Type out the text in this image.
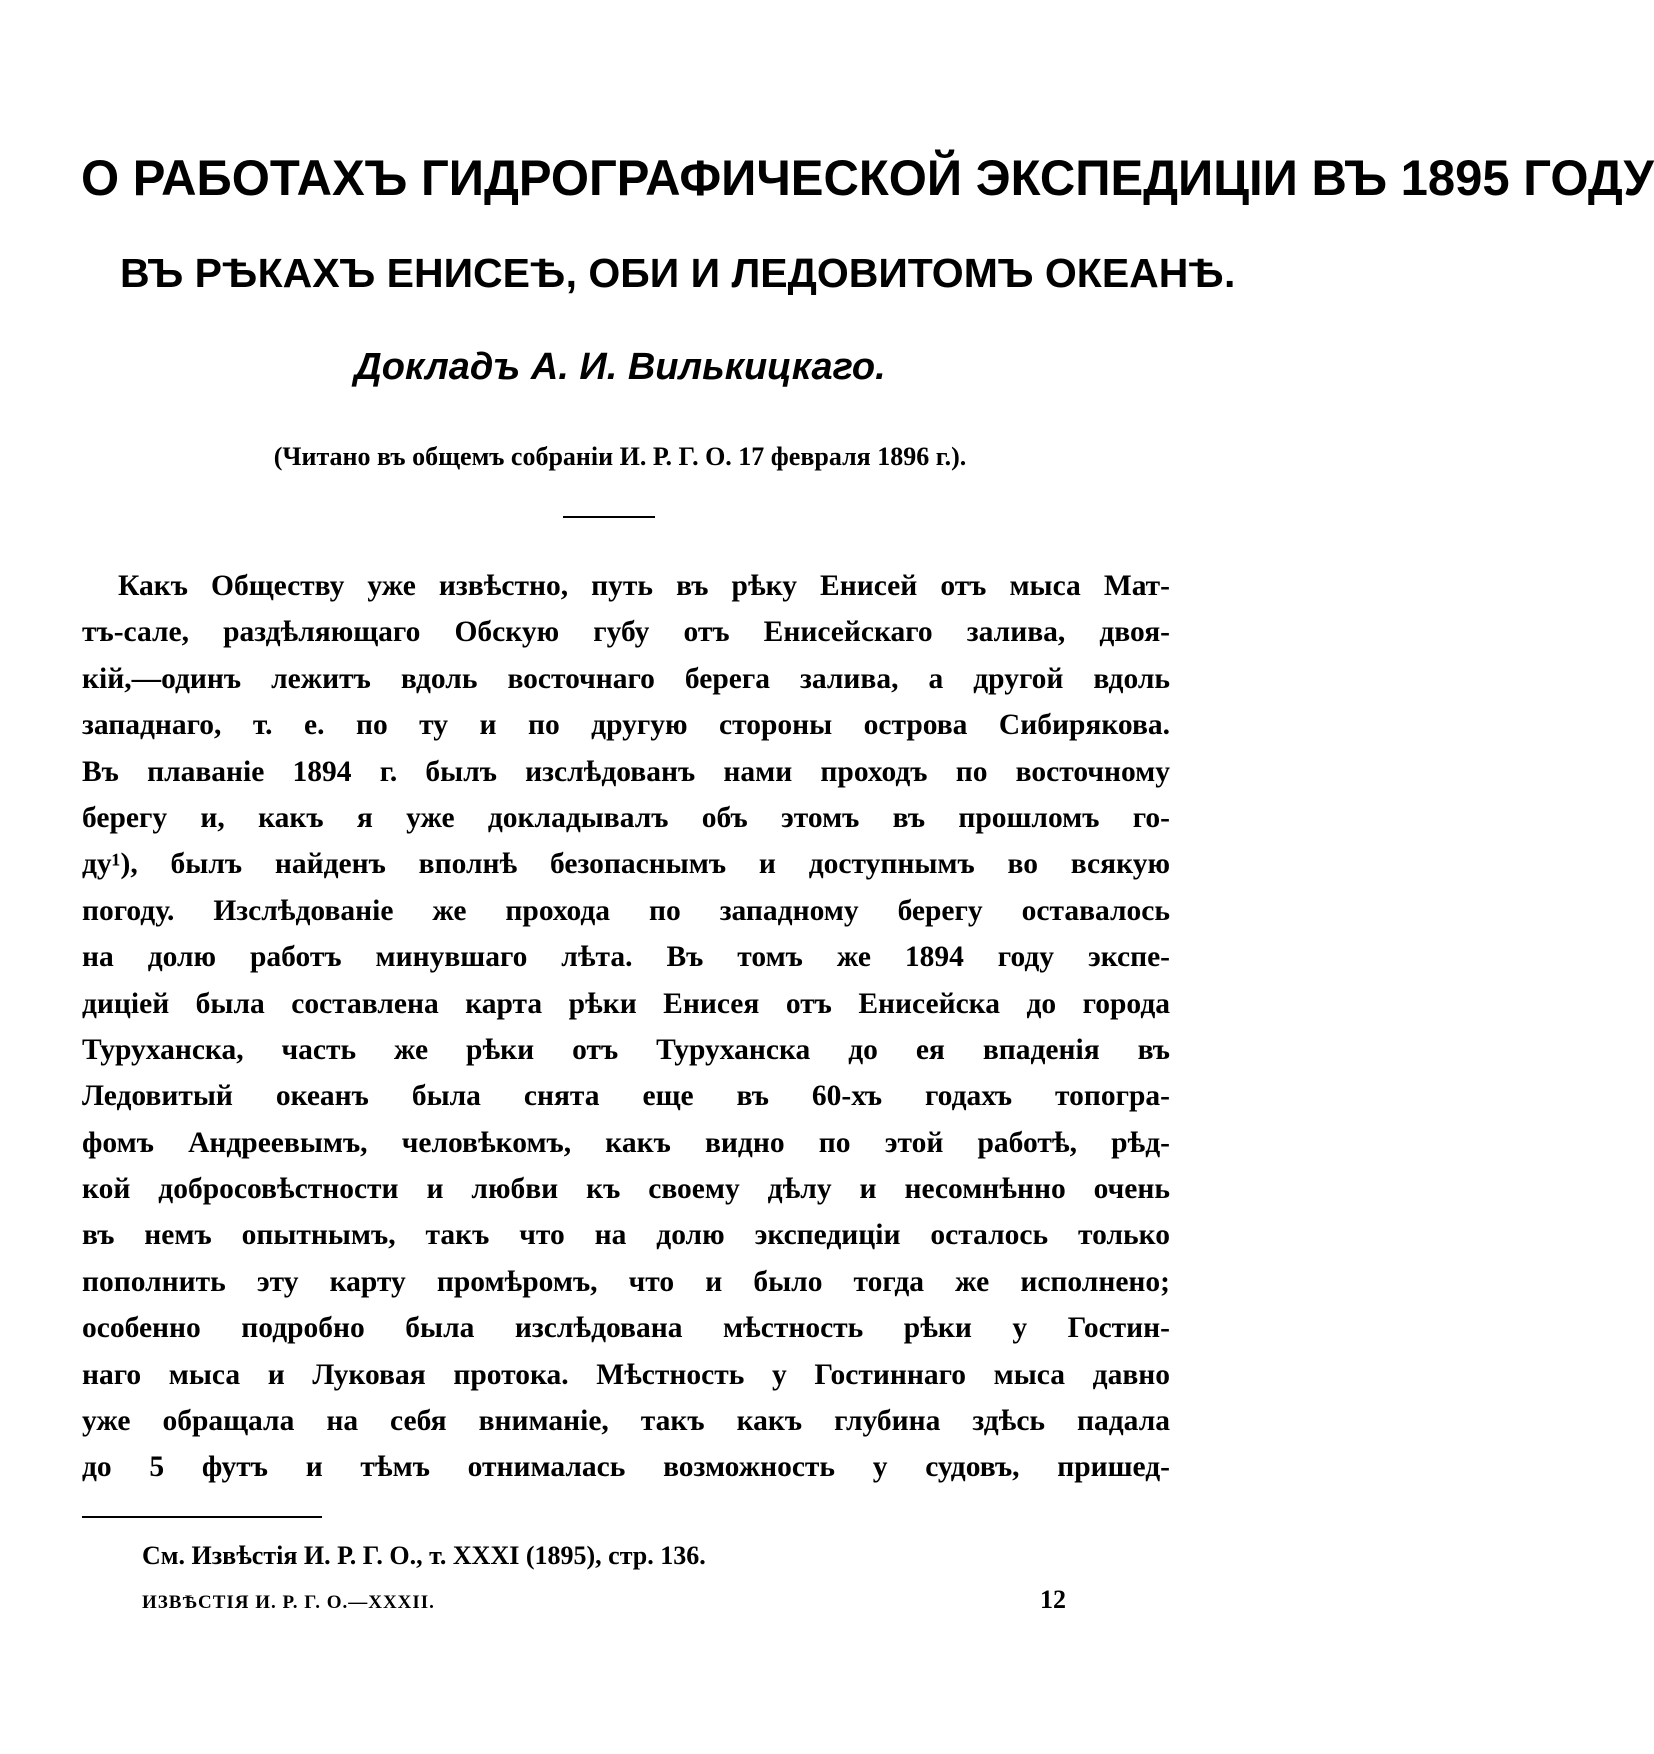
О РАБОТАХЪ ГИДРОГРАФИЧЕСКОЙ ЭКСПЕДИЦІИ ВЪ 1895 ГОДУ
ВЪ РѢКАХЪ ЕНИСЕѢ, ОБИ И ЛЕДОВИТОМЪ ОКЕАНѢ.
Докладъ А. И. Вилькицкаго.
(Читано въ общемъ собраніи И. Р. Г. О. 17 февраля 1896 г.).
Какъ Обществу уже извѣстно, путь въ рѣку Енисей отъ мыса Мат-
тъ-сале, раздѣляющаго Обскую губу отъ Енисейскаго залива, двоя-
кій,—одинъ лежитъ вдоль восточнаго берега залива, а другой вдоль
западнаго, т. е. по ту и по другую стороны острова Сибирякова.
Въ плаваніе 1894 г. былъ изслѣдованъ нами проходъ по восточному
берегу и, какъ я уже докладывалъ объ этомъ въ прошломъ го-
ду¹), былъ найденъ вполнѣ безопаснымъ и доступнымъ во всякую
погоду. Изслѣдованіе же прохода по западному берегу оставалось
на долю работъ минувшаго лѣта. Въ томъ же 1894 году экспе-
диціей была составлена карта рѣки Енисея отъ Енисейска до города
Туруханска, часть же рѣки отъ Туруханска до ея впаденія въ
Ледовитый океанъ была снята еще въ 60-хъ годахъ топогра-
фомъ Андреевымъ, человѣкомъ, какъ видно по этой работѣ, рѣд-
кой добросовѣстности и любви къ своему дѣлу и несомнѣнно очень
въ немъ опытнымъ, такъ что на долю экспедиціи осталось только
пополнить эту карту промѣромъ, что и было тогда же исполнено;
особенно подробно была изслѣдована мѣстность рѣки у Гостин-
наго мыса и Луковая протока. Мѣстность у Гостиннаго мыса давно
уже обращала на себя вниманіе, такъ какъ глубина здѣсь падала
до 5 футъ и тѣмъ отнималась возможность у судовъ, пришед-
См. Извѣстія И. Р. Г. О., т. XXXI (1895), стр. 136.
ИЗВѢСТІЯ И. Р. Г. О.—XXXII.	12
